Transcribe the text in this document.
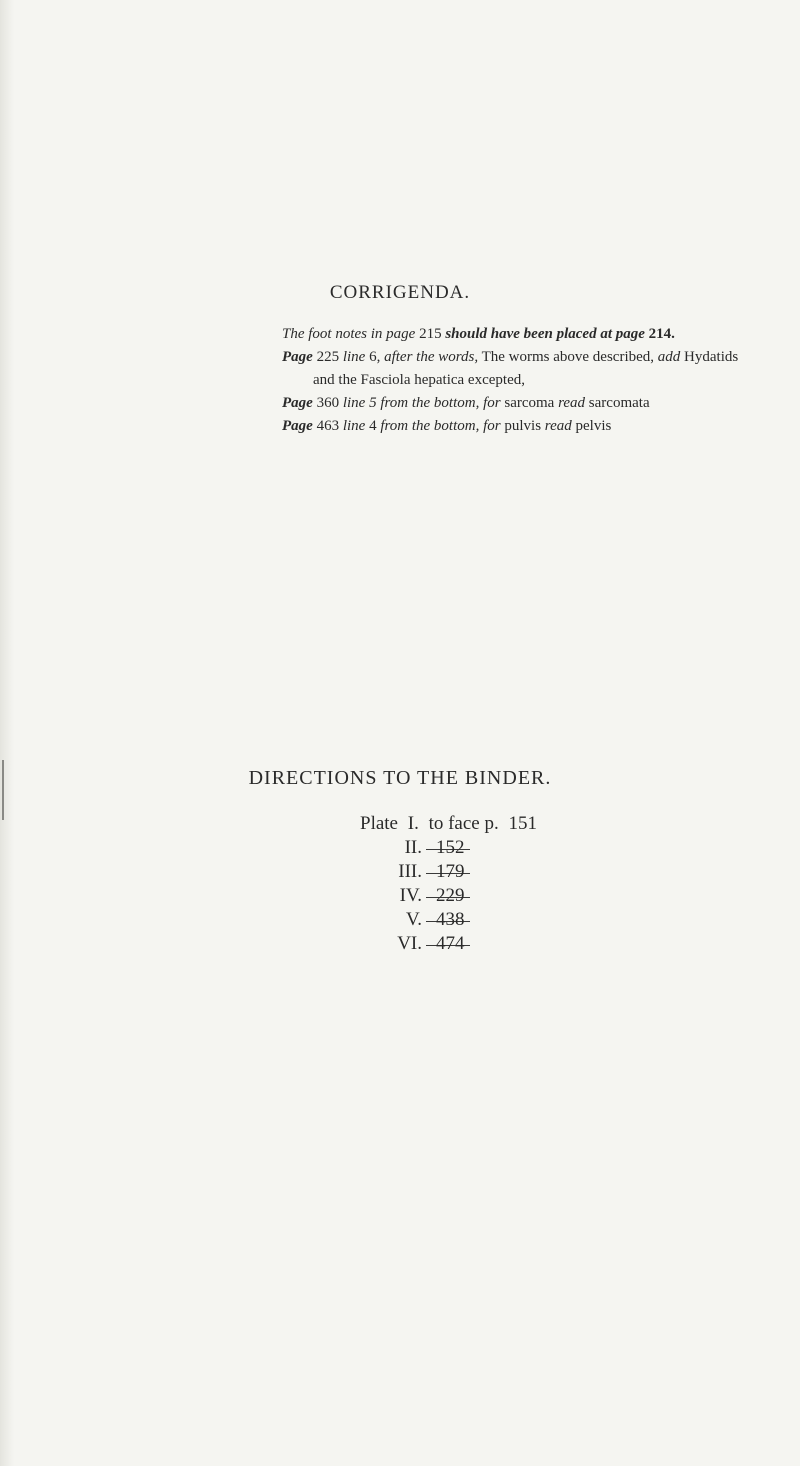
CORRIGENDA.
The foot notes in page 215 should have been placed at page 214.
Page 225 line 6, after the words, The worms above described, add Hydatids
and the Fasciola hepatica excepted,
Page 360 line 5 from the bottom, for sarcoma read sarcomata
Page 463 line 4 from the bottom, for pulvis read pelvis
DIRECTIONS TO THE BINDER.
Plate I. to face p. 151
II. 152
III. 179
IV. 229
V. 438
VI. 474
